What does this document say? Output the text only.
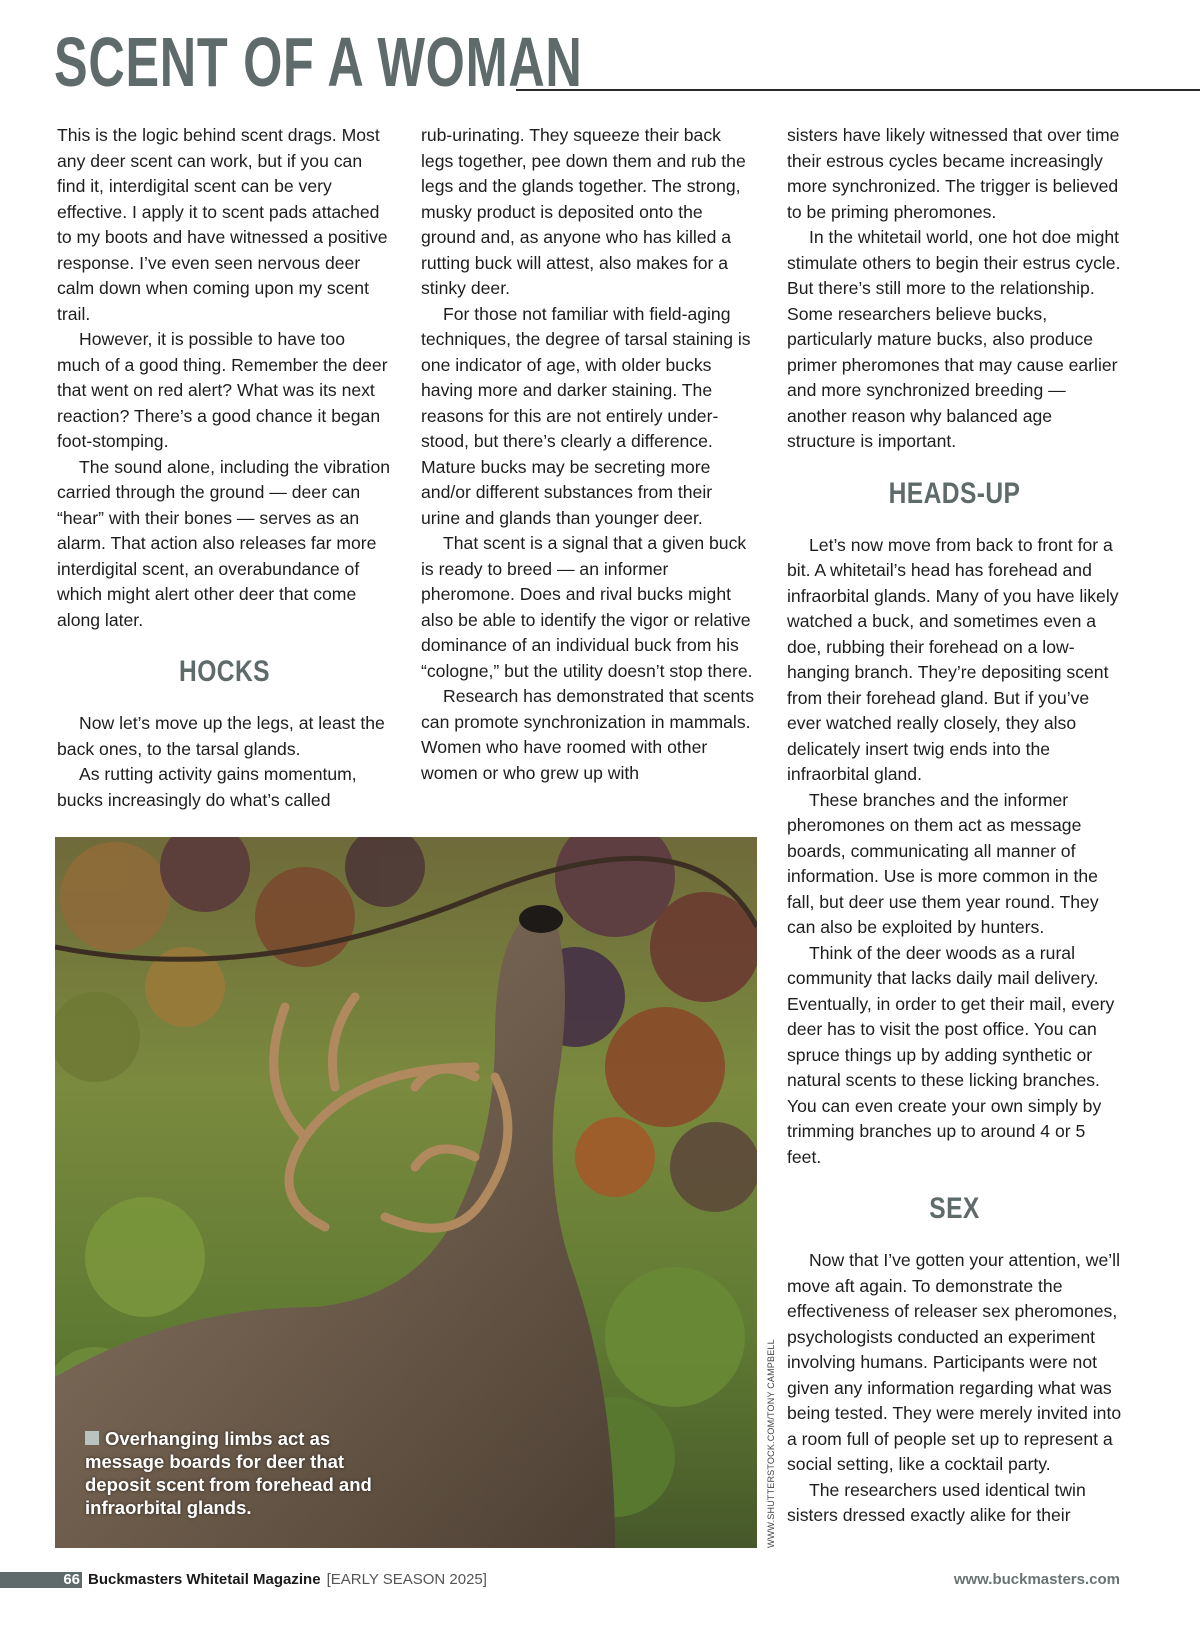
SCENT OF A WOMAN

This is the logic behind scent drags. Most any deer scent can work, but if you can find it, interdigital scent can be very effective. I apply it to scent pads attached to my boots and have witnessed a positive response. I’ve even seen nervous deer calm down when coming upon my scent trail.

However, it is possible to have too much of a good thing. Remember the deer that went on red alert? What was its next reaction? There’s a good chance it began foot-stomping.

The sound alone, including the vibration carried through the ground — deer can “hear” with their bones — serves as an alarm. That action also releases far more interdigital scent, an overabundance of which might alert other deer that come along later.

HOCKS

Now let’s move up the legs, at least the back ones, to the tarsal glands.

As rutting activity gains momentum, bucks increasingly do what’s called

rub-urinating. They squeeze their back legs together, pee down them and rub the legs and the glands together. The strong, musky product is deposited onto the ground and, as anyone who has killed a rutting buck will attest, also makes for a stinky deer.

For those not familiar with field-aging techniques, the degree of tarsal staining is one indicator of age, with older bucks having more and darker staining. The reasons for this are not entirely understood, but there’s clearly a difference. Mature bucks may be secreting more and/or different substances from their urine and glands than younger deer.

That scent is a signal that a given buck is ready to breed — an informer pheromone. Does and rival bucks might also be able to identify the vigor or relative dominance of an individual buck from his “cologne,” but the utility doesn’t stop there.

Research has demonstrated that scents can promote synchronization in mammals. Women who have roomed with other women or who grew up with

sisters have likely witnessed that over time their estrous cycles became increasingly more synchronized. The trigger is believed to be priming pheromones.

In the whitetail world, one hot doe might stimulate others to begin their estrus cycle. But there’s still more to the relationship. Some researchers believe bucks, particularly mature bucks, also produce primer pheromones that may cause earlier and more synchronized breeding — another reason why balanced age structure is important.

HEADS-UP

Let’s now move from back to front for a bit. A whitetail’s head has forehead and infraorbital glands. Many of you have likely watched a buck, and sometimes even a doe, rubbing their forehead on a low-hanging branch. They’re depositing scent from their forehead gland. But if you’ve ever watched really closely, they also delicately insert twig ends into the infraorbital gland.

These branches and the informer pheromones on them act as message boards, communicating all manner of information. Use is more common in the fall, but deer use them year round. They can also be exploited by hunters.

Think of the deer woods as a rural community that lacks daily mail delivery. Eventually, in order to get their mail, every deer has to visit the post office. You can spruce things up by adding synthetic or natural scents to these licking branches. You can even create your own simply by trimming branches up to around 4 or 5 feet.

SEX

Now that I’ve gotten your attention, we’ll move aft again. To demonstrate the effectiveness of releaser sex pheromones, psychologists conducted an experiment involving humans. Participants were not given any information regarding what was being tested. They were merely invited into a room full of people set up to represent a social setting, like a cocktail party.

The researchers used identical twin sisters dressed exactly alike for their

Overhanging limbs act as message boards for deer that deposit scent from forehead and infraorbital glands.	WWW.SHUTTERSTOCK.COM/TONY CAMPBELL
66 Buckmasters Whitetail Magazine [EARLY SEASON 2025]	www.buckmasters.com
